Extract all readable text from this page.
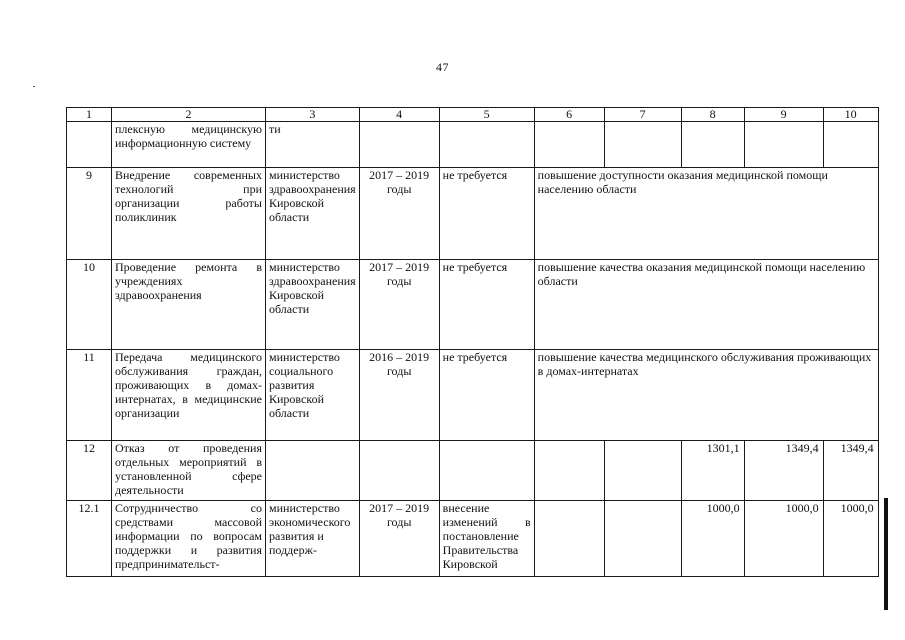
47
1	2	3	4	5	6	7	8	9	10
	плексную медицинскую информационную систему	ти							
9	Внедрение современных технологий при организации работы поликлиник	министерство здравоохранения Кировской области	2017 – 2019 годы	не требуется	повышение доступности оказания медицинской помощи населению области				
10	Проведение ремонта в учреждениях здравоохранения	министерство здравоохранения Кировской области	2017 – 2019 годы	не требуется	повышение качества оказания медицинской помощи населению области				
11	Передача медицинского обслуживания граждан, проживающих в домах-интернатах, в медицинские организации	министерство социального развития Кировской области	2016 – 2019 годы	не требуется	повышение качества медицинского обслуживания проживающих в домах-интернатах				
12	Отказ от проведения отдельных мероприятий в установленной сфере деятельности						1301,1	1349,4	1349,4
12.1	Сотрудничество со средствами массовой информации по вопросам поддержки и развития предпринимательст-	министерство экономического развития и поддерж-	2017 – 2019 годы	внесение изменений в постановление Правительства Кировской			1000,0	1000,0	1000,0
